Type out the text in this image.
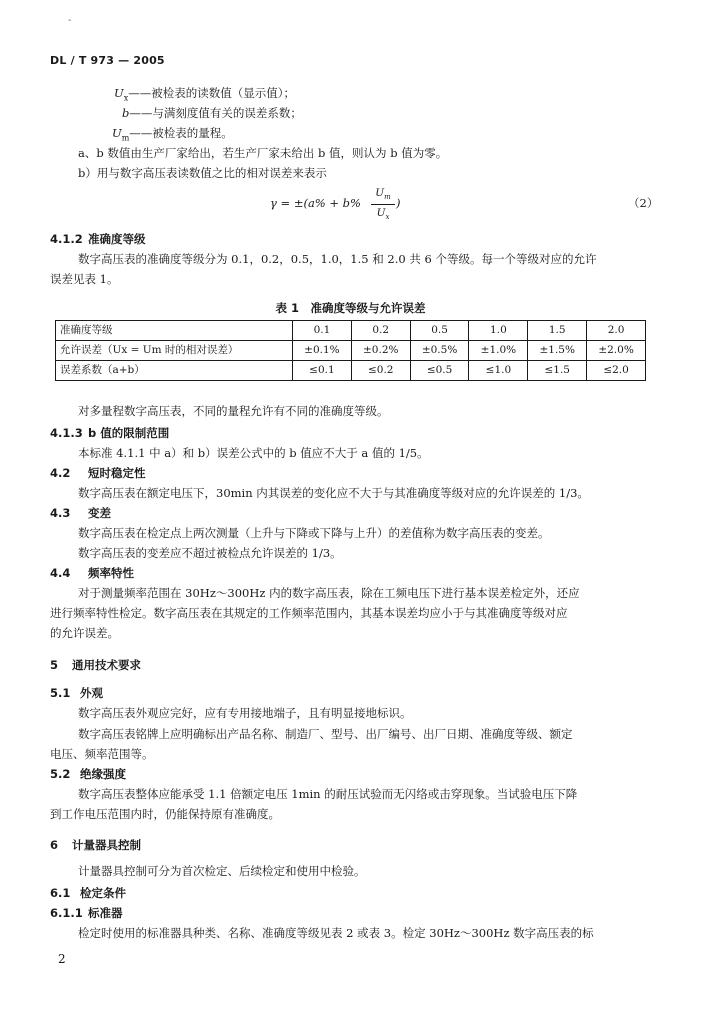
-
DL / T 973 — 2005
$U_x——$被检表的读数值（显示值）；
b——与满刻度值有关的误差系数；
$U_m——$被检表的量程。
a、b 数值由生产厂家给出，若生产厂家未给出 b 值，则认为 b 值为零。
b）用与数字高压表读数值之比的相对误差来表示
γ = ±(a% + b%
$U_m$
$U_x$
)	（2）
4.1.2 准确度等级
数字高压表的准确度等级分为 0.1，0.2，0.5，1.0，1.5 和 2.0 共 6 个等级。每一个等级对应的允许
误差见表 1。
表 1　准确度等级与允许误差
准确度等级	0.1	0.2	0.5	1.0	1.5	2.0
允许误差（Ux = Um 时的相对误差）	±0.1%	±0.2%	±0.5%	±1.0%	±1.5%	±2.0%
误差系数（a+b）	≤0.1	≤0.2	≤0.5	≤1.0	≤1.5	≤2.0
对多量程数字高压表，不同的量程允许有不同的准确度等级。
4.1.3 b 值的限制范围
本标准 4.1.1 中 a）和 b）误差公式中的 b 值应不大于 a 值的 1/5。
4.2 短时稳定性
数字高压表在额定电压下，30min 内其误差的变化应不大于与其准确度等级对应的允许误差的 1/3。
4.3 变差
数字高压表在检定点上两次测量（上升与下降或下降与上升）的差值称为数字高压表的变差。
数字高压表的变差应不超过被检点允许误差的 1/3。
4.4 频率特性
对于测量频率范围在 30Hz～300Hz 内的数字高压表，除在工频电压下进行基本误差检定外，还应
进行频率特性检定。数字高压表在其规定的工作频率范围内，其基本误差均应小于与其准确度等级对应
的允许误差。
5 通用技术要求
5.1 外观
数字高压表外观应完好，应有专用接地端子，且有明显接地标识。
数字高压表铭牌上应明确标出产品名称、制造厂、型号、出厂编号、出厂日期、准确度等级、额定
电压、频率范围等。
5.2 绝缘强度
数字高压表整体应能承受 1.1 倍额定电压 1min 的耐压试验而无闪络或击穿现象。当试验电压下降
到工作电压范围内时，仍能保持原有准确度。
6 计量器具控制
计量器具控制可分为首次检定、后续检定和使用中检验。
6.1 检定条件
6.1.1 标准器
检定时使用的标准器具种类、名称、准确度等级见表 2 或表 3。检定 30Hz～300Hz 数字高压表的标
2
